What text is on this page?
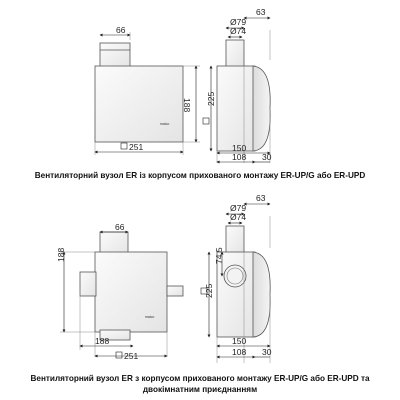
maico
66
188
251
63
Ø79
Ø74
225
150
108 30
maico
66
188
188
251
63
Ø79
Ø74
74,5
225
150
108 30
Вентиляторний вузол ER із корпусом прихованого монтажу ER-UP/G або ER-UPD
Вентиляторний вузол ER з корпусом прихованого монтажу ER-UP/G або ER-UPD та двокімнатним приєднанням
